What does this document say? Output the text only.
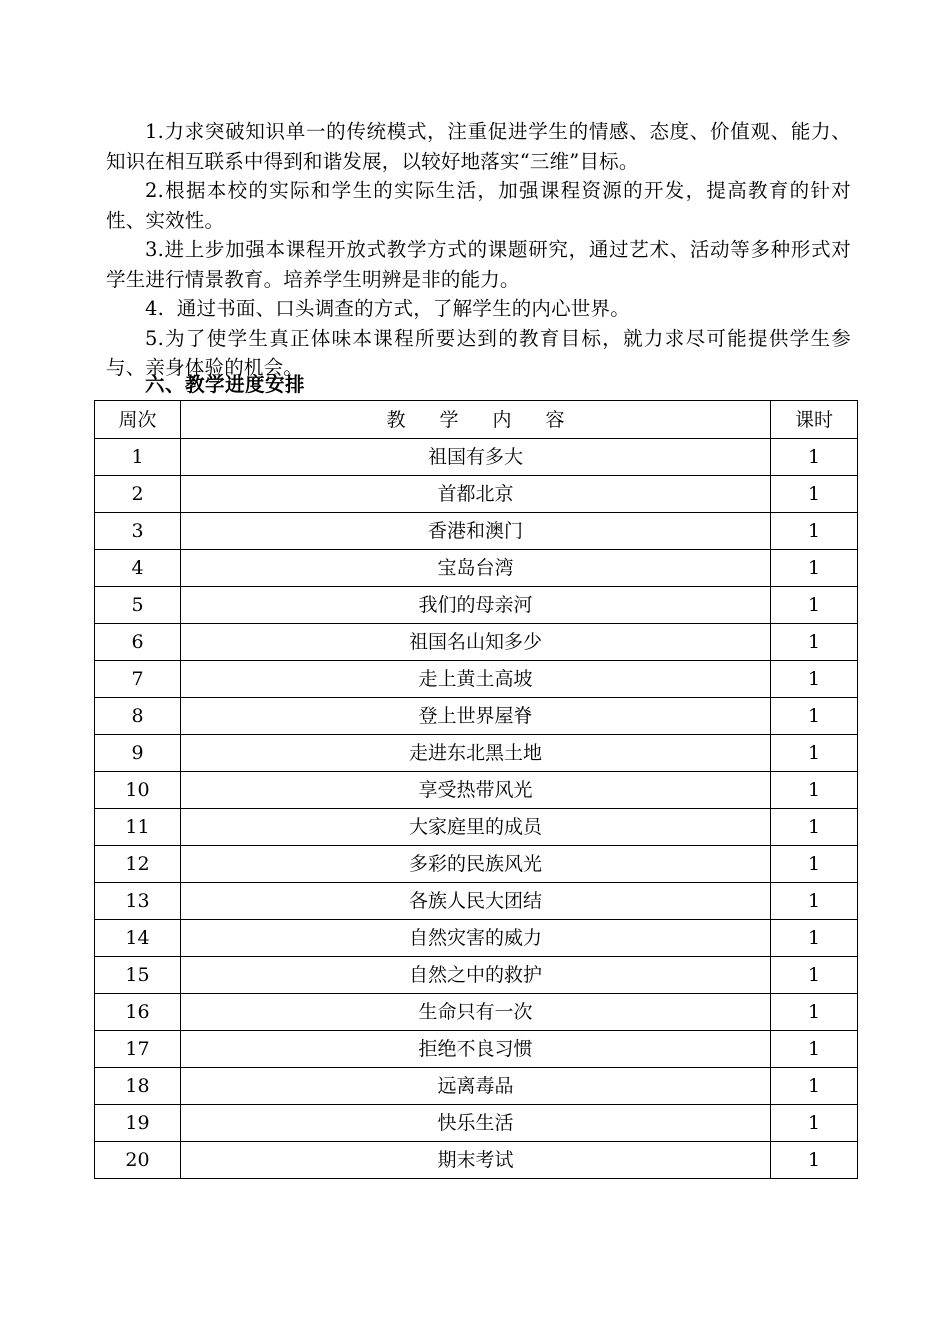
1.力求突破知识单一的传统模式，注重促进学生的情感、态度、价值观、能力、知识在相互联系中得到和谐发展，以较好地落实“三维”目标。

2.根据本校的实际和学生的实际生活，加强课程资源的开发，提高教育的针对性、实效性。

3.进上步加强本课程开放式教学方式的课题研究，通过艺术、活动等多种形式对学生进行情景教育。培养学生明辨是非的能力。

4.  通过书面、口头调查的方式，了解学生的内心世界。

5.为了使学生真正体味本课程所要达到的教育目标，就力求尽可能提供学生参与、亲身体验的机会。

六、教学进度安排
周次	教学内容	课时
1	祖国有多大	1
2	首都北京	1
3	香港和澳门	1
4	宝岛台湾	1
5	我们的母亲河	1
6	祖国名山知多少	1
7	走上黄土高坡	1
8	登上世界屋脊	1
9	走进东北黑土地	1
10	享受热带风光	1
11	大家庭里的成员	1
12	多彩的民族风光	1
13	各族人民大团结	1
14	自然灾害的威力	1
15	自然之中的救护	1
16	生命只有一次	1
17	拒绝不良习惯	1
18	远离毒品	1
19	快乐生活	1
20	期末考试	1
